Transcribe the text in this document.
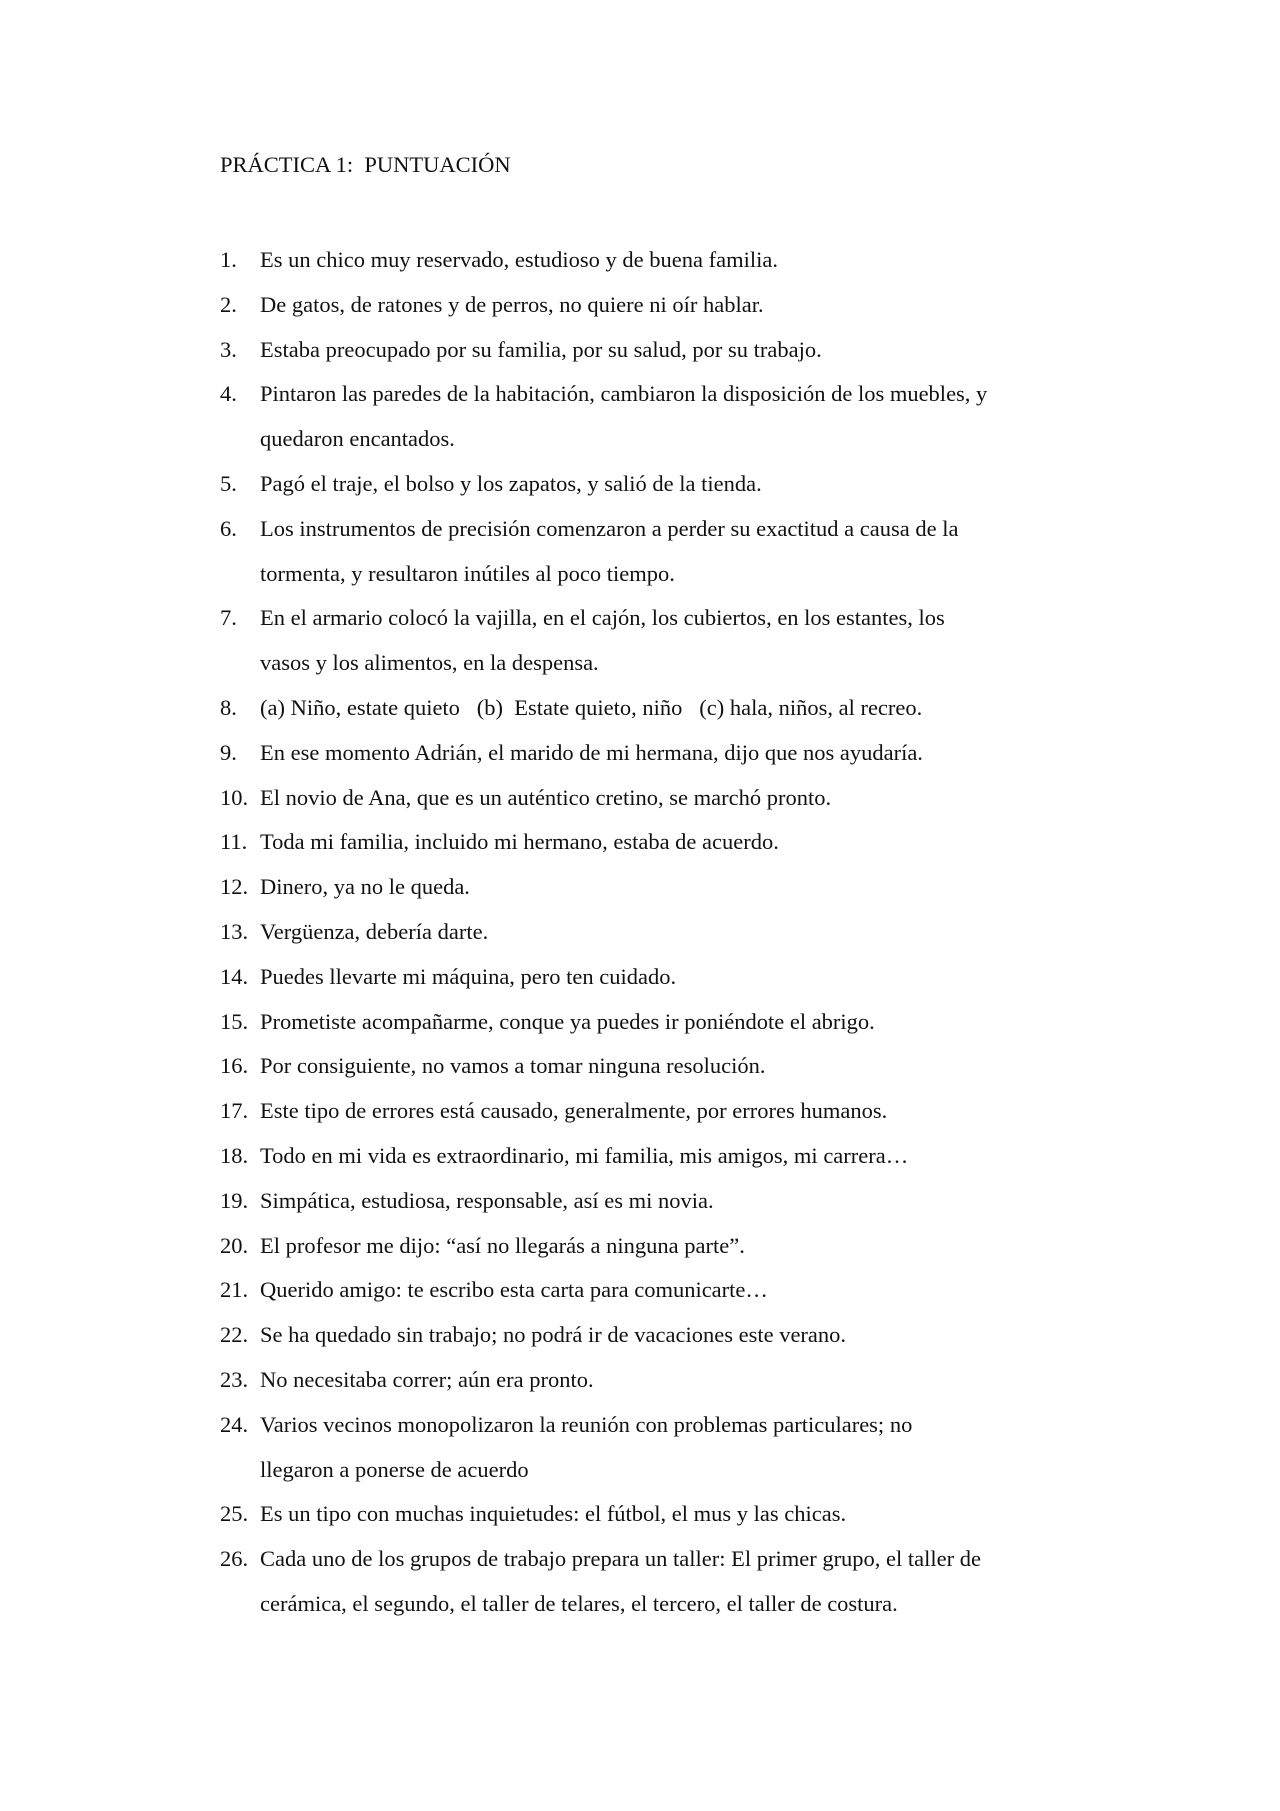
PRÁCTICA 1:  PUNTUACIÓN
1.	Es un chico muy reservado, estudioso y de buena familia.
2.	De gatos, de ratones y de perros, no quiere ni oír hablar.
3.	Estaba preocupado por su familia, por su salud, por su trabajo.
4.	Pintaron las paredes de la habitación, cambiaron la disposición de los muebles, y
quedaron encantados.
5.	Pagó el traje, el bolso y los zapatos, y salió de la tienda.
6.	Los instrumentos de precisión comenzaron a perder su exactitud a causa de la
tormenta, y resultaron inútiles al poco tiempo.
7.	En el armario colocó la vajilla, en el cajón, los cubiertos, en los estantes, los
vasos y los alimentos, en la despensa.
8.	(a) Niño, estate quieto   (b)  Estate quieto, niño   (c) hala, niños, al recreo.
9.	En ese momento Adrián, el marido de mi hermana, dijo que nos ayudaría.
10. El novio de Ana, que es un auténtico cretino, se marchó pronto.
11. Toda mi familia, incluido mi hermano, estaba de acuerdo.
12. Dinero, ya no le queda.
13. Vergüenza, debería darte.
14. Puedes llevarte mi máquina, pero ten cuidado.
15. Prometiste acompañarme, conque ya puedes ir poniéndote el abrigo.
16. Por consiguiente, no vamos a tomar ninguna resolución.
17. Este tipo de errores está causado, generalmente, por errores humanos.
18. Todo en mi vida es extraordinario, mi familia, mis amigos, mi carrera…
19. Simpática, estudiosa, responsable, así es mi novia.
20. El profesor me dijo: “así no llegarás a ninguna parte”.
21. Querido amigo: te escribo esta carta para comunicarte…
22. Se ha quedado sin trabajo; no podrá ir de vacaciones este verano.
23. No necesitaba correr; aún era pronto.
24. Varios vecinos monopolizaron la reunión con problemas particulares; no
llegaron a ponerse de acuerdo
25. Es un tipo con muchas inquietudes: el fútbol, el mus y las chicas.
26. Cada uno de los grupos de trabajo prepara un taller: El primer grupo, el taller de
cerámica, el segundo, el taller de telares, el tercero, el taller de costura.
